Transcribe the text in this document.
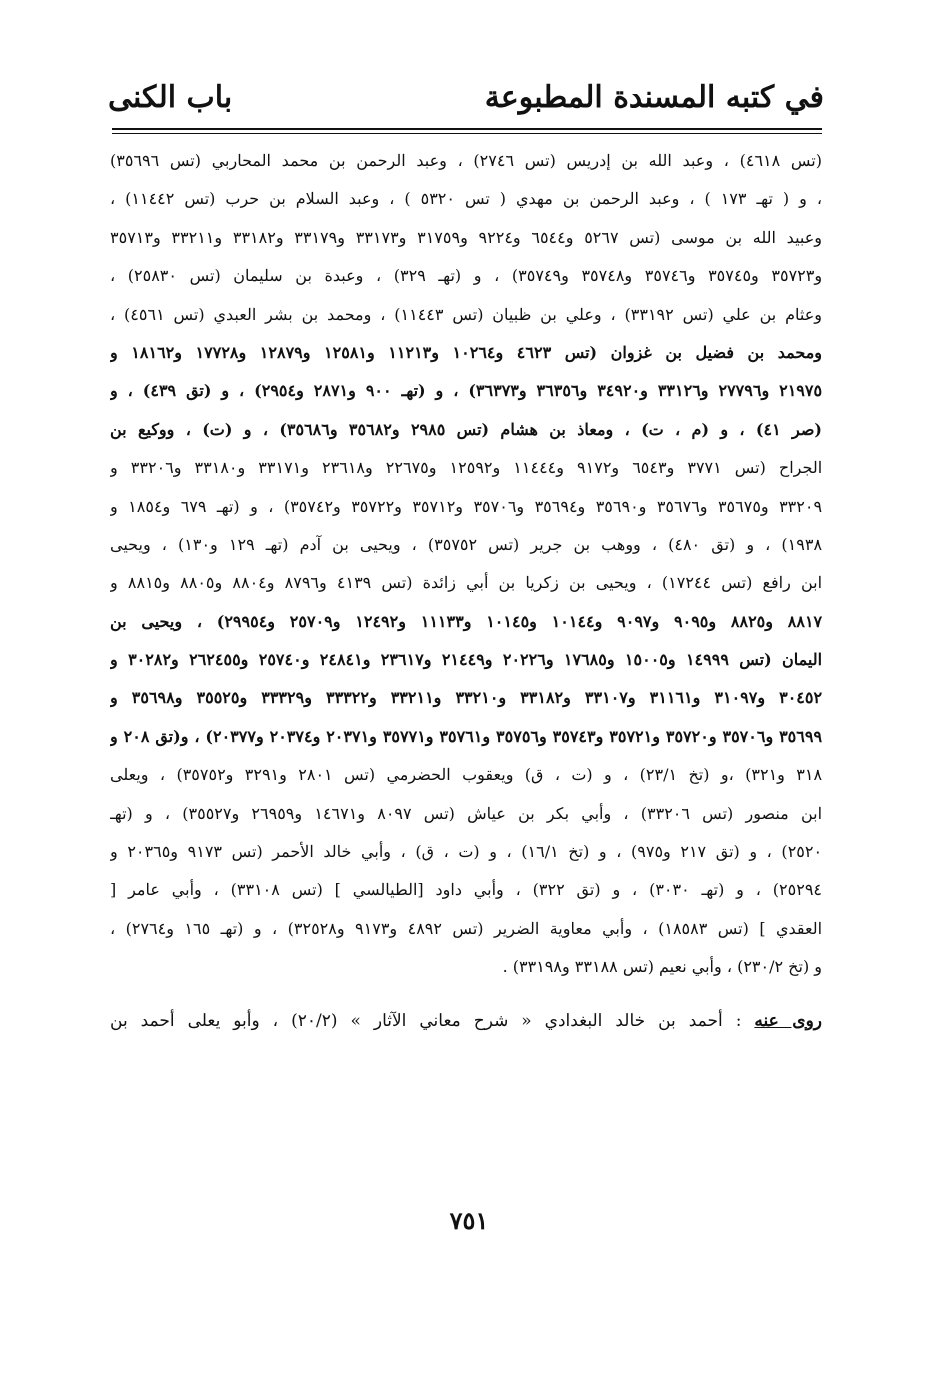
في كتبه المسندة المطبوعة
باب الكنى
(تس ٤٦١٨) ، وعبد الله بن إدريس (تس ٢٧٤٦) ، وعبد الرحمن بن محمد المحاربي (تس ٣٥٦٩٦)
، و ( تهـ ١٧٣ ) ، وعبد الرحمن بن مهدي ( تس ٥٣٢٠ ) ، وعبد السلام بن حرب (تس ١١٤٤٢) ،
وعبيد الله بن موسى (تس ٥٢٦٧ و٦٥٤٤ و٩٢٢٤ و٣١٧٥٩ و٣٣١٧٣ و٣٣١٧٩ و٣٣١٨٢ و٣٣٢١١ و٣٥٧١٣
و٣٥٧٢٣ و٣٥٧٤٥ و٣٥٧٤٦ و٣٥٧٤٨ و٣٥٧٤٩) ، و (تهـ ٣٢٩) ، وعبدة بن سليمان (تس ٢٥٨٣٠) ،
وعثام بن علي (تس ٣٣١٩٢) ، وعلي بن ظبيان (تس ١١٤٤٣) ، ومحمد بن بشر العبدي (تس ٤٥٦١) ،
ومحمد بن فضيل بن غزوان (تس ٤٦٢٣ و١٠٢٦٤ و١١٢١٣ و١٢٥٨١ و١٢٨٧٩ و١٧٧٢٨ و١٨١٦٢ و
٢١٩٧٥ و٢٧٧٩٦ و٣٣١٢٦ و٣٤٩٢٠ و٣٦٣٥٦ و٣٦٣٧٣) ، و (تهـ ٩٠٠ و٢٨٧١ و٢٩٥٤) ، و (تق ٤٣٩) ، و
(صر ٤١) ، و (م ، ت) ، ومعاذ بن هشام (تس ٢٩٨٥ و٣٥٦٨٢ و٣٥٦٨٦) ، و (ت) ، ووكيع بن
الجراح (تس ٣٧٧١ و٦٥٤٣ و٩١٧٢ و١١٤٤٤ و١٢٥٩٢ و٢٢٦٧٥ و٢٣٦١٨ و٣٣١٧١ و٣٣١٨٠ و٣٣٢٠٦ و
٣٣٢٠٩ و٣٥٦٧٥ و٣٥٦٧٦ و٣٥٦٩٠ و٣٥٦٩٤ و٣٥٧٠٦ و٣٥٧١٢ و٣٥٧٢٢ و٣٥٧٤٢) ، و (تهـ ٦٧٩ و١٨٥٤ و
١٩٣٨) ، و (تق ٤٨٠) ، ووهب بن جرير (تس ٣٥٧٥٢) ، ويحيى بن آدم (تهـ ١٢٩ و١٣٠) ، ويحيى
ابن رافع (تس ١٧٢٤٤) ، ويحيى بن زكريا بن أبي زائدة (تس ٤١٣٩ و٨٧٩٦ و٨٨٠٤ و٨٨٠٥ و٨٨١٥ و
٨٨١٧ و٨٨٢٥ و٩٠٩٥ و٩٠٩٧ و١٠١٤٤ و١٠١٤٥ و١١١٣٣ و١٢٤٩٢ و٢٥٧٠٩ و٢٩٩٥٤) ، ويحيى بن
اليمان (تس ١٤٩٩٩ و١٥٠٠٥ و١٧٦٨٥ و٢٠٢٢٦ و٢١٤٤٩ و٢٣٦١٧ و٢٤٨٤١ و٢٥٧٤٠ و٢٦٢٤٥٥ و٣٠٢٨٢ و
٣٠٤٥٢ و٣١٠٩٧ و٣١١٦١ و٣٣١٠٧ و٣٣١٨٢ و٣٣٢١٠ و٣٣٢١١ و٣٣٣٢٢ و٣٣٣٢٩ و٣٥٥٢٥ و٣٥٦٩٨ و
٣٥٦٩٩ و٣٥٧٠٦ و٣٥٧٢٠ و٣٥٧٢١ و٣٥٧٤٣ و٣٥٧٥٦ و٣٥٧٦١ و٣٥٧٧١ و٢٠٣٧١ و٢٠٣٧٤ و٢٠٣٧٧) ، و(تق ٢٠٨ و
٣١٨ و٣٢١) ،و (تخ ٢٣/١) ، و (ت ، ق) ويعقوب الحضرمي (تس ٢٨٠١ و٣٢٩١ و٣٥٧٥٢) ، ويعلى
ابن منصور (تس ٣٣٢٠٦) ، وأبي بكر بن عياش (تس ٨٠٩٧ و١٤٦٧١ و٢٦٩٥٩ و٣٥٥٢٧) ، و (تهـ
٢٥٢٠) ، و (تق ٢١٧ و٩٧٥) ، و (تخ ١٦/١) ، و (ت ، ق) ، وأبي خالد الأحمر (تس ٩١٧٣ و٢٠٣٦٥ و
٢٥٢٩٤) ، و (تهـ ٣٠٣٠) ، و (تق ٣٢٢) ، وأبي داود [الطيالسي ] (تس ٣٣١٠٨) ، وأبي عامر [
العقدي ] (تس ١٨٥٨٣) ، وأبي معاوية الضرير (تس ٤٨٩٢ و٩١٧٣ و٣٢٥٢٨) ، و (تهـ ١٦٥ و٢٧٦٤) ،
و (تخ ٢٣٠/٢) ، وأبي نعيم (تس ٣٣١٨٨ و٣٣١٩٨) .
روى عنه : أحمد بن خالد البغدادي « شرح معاني الآثار » (٢٠/٢) ، وأبو يعلى أحمد بن
٧٥١
